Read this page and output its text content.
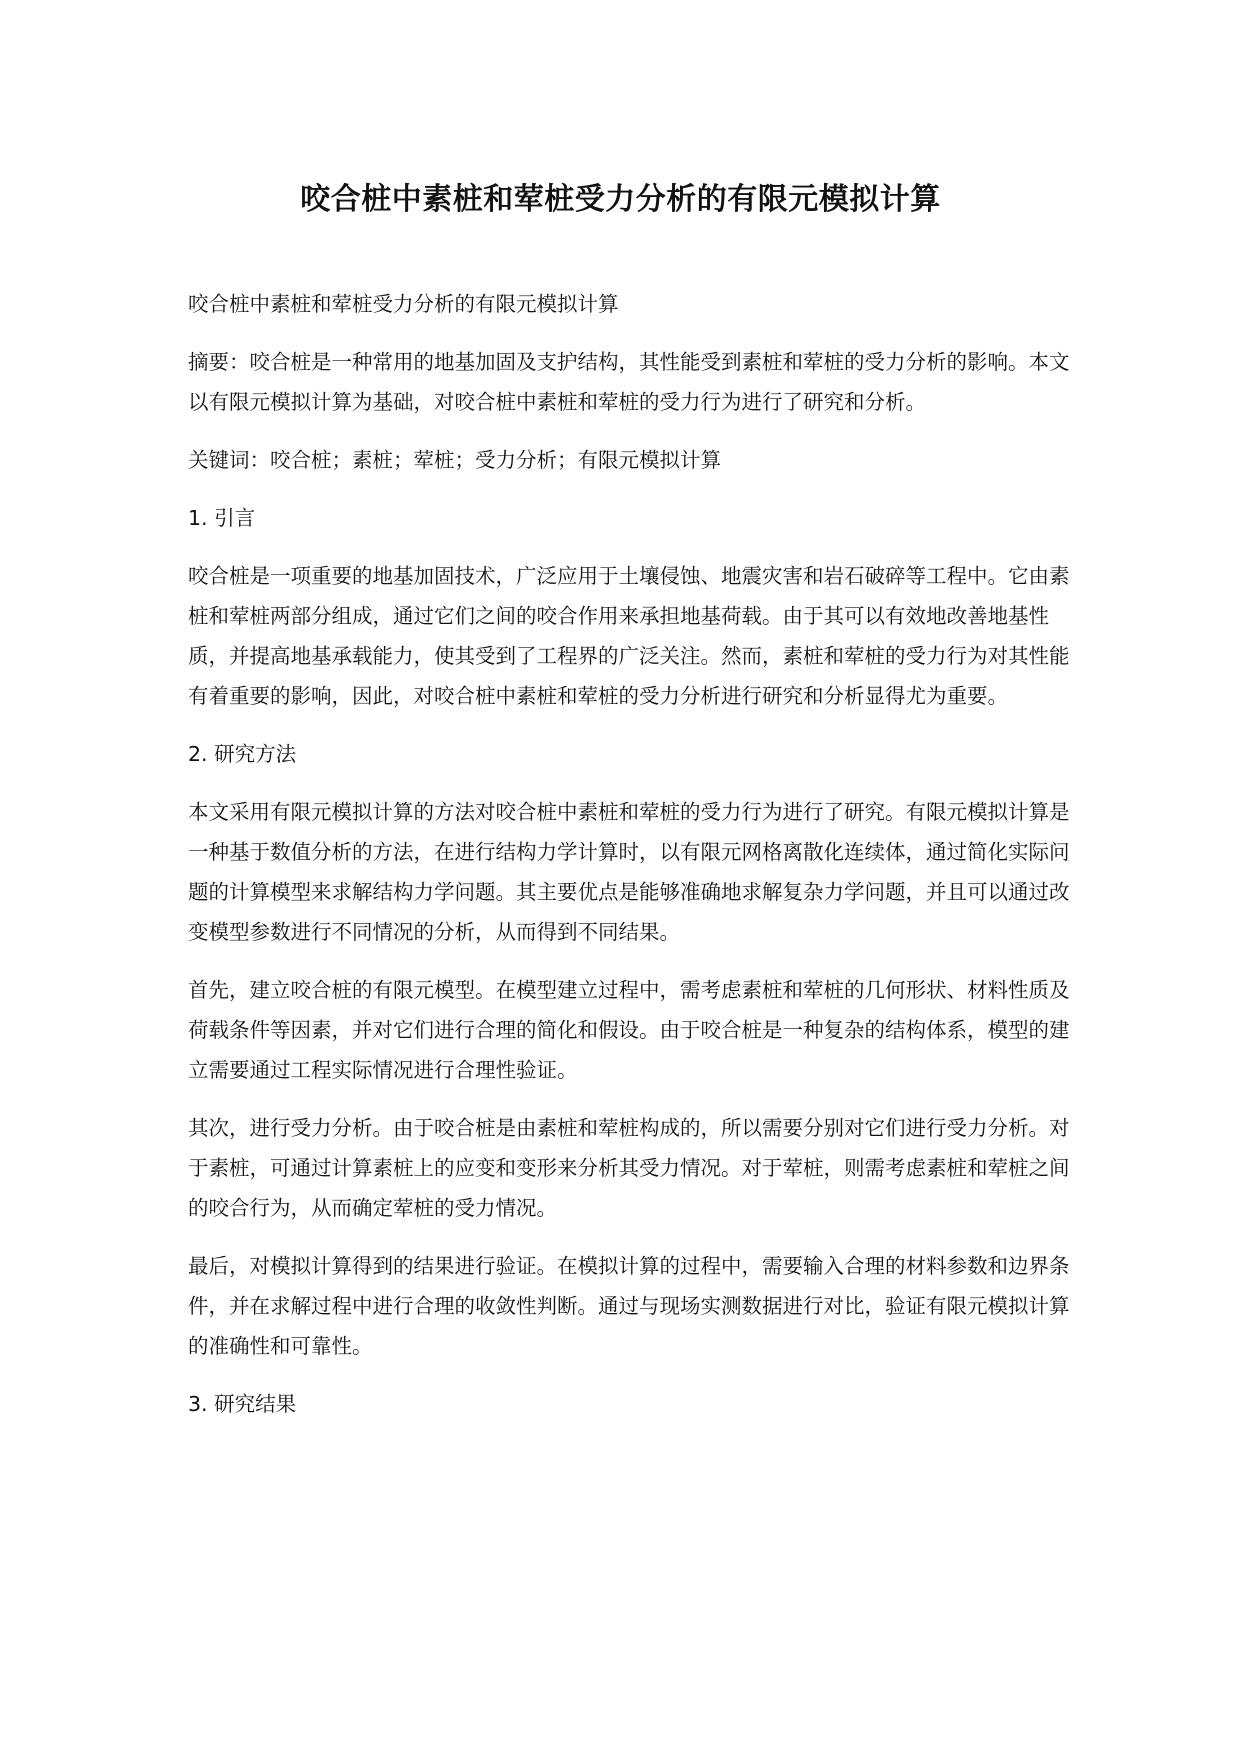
咬合桩中素桩和荤桩受力分析的有限元模拟计算

咬合桩中素桩和荤桩受力分析的有限元模拟计算

摘要：咬合桩是一种常用的地基加固及支护结构，其性能受到素桩和荤桩的受力分析的影响。本文以有限元模拟计算为基础，对咬合桩中素桩和荤桩的受力行为进行了研究和分析。

关键词：咬合桩；素桩；荤桩；受力分析；有限元模拟计算

1. 引言

咬合桩是一项重要的地基加固技术，广泛应用于土壤侵蚀、地震灾害和岩石破碎等工程中。它由素桩和荤桩两部分组成，通过它们之间的咬合作用来承担地基荷载。由于其可以有效地改善地基性质，并提高地基承载能力，使其受到了工程界的广泛关注。然而，素桩和荤桩的受力行为对其性能有着重要的影响，因此，对咬合桩中素桩和荤桩的受力分析进行研究和分析显得尤为重要。

2. 研究方法

本文采用有限元模拟计算的方法对咬合桩中素桩和荤桩的受力行为进行了研究。有限元模拟计算是一种基于数值分析的方法，在进行结构力学计算时，以有限元网格离散化连续体，通过简化实际问题的计算模型来求解结构力学问题。其主要优点是能够准确地求解复杂力学问题，并且可以通过改变模型参数进行不同情况的分析，从而得到不同结果。

首先，建立咬合桩的有限元模型。在模型建立过程中，需考虑素桩和荤桩的几何形状、材料性质及荷载条件等因素，并对它们进行合理的简化和假设。由于咬合桩是一种复杂的结构体系，模型的建立需要通过工程实际情况进行合理性验证。

其次，进行受力分析。由于咬合桩是由素桩和荤桩构成的，所以需要分别对它们进行受力分析。对于素桩，可通过计算素桩上的应变和变形来分析其受力情况。对于荤桩，则需考虑素桩和荤桩之间的咬合行为，从而确定荤桩的受力情况。

最后，对模拟计算得到的结果进行验证。在模拟计算的过程中，需要输入合理的材料参数和边界条件，并在求解过程中进行合理的收敛性判断。通过与现场实测数据进行对比，验证有限元模拟计算的准确性和可靠性。

3. 研究结果
